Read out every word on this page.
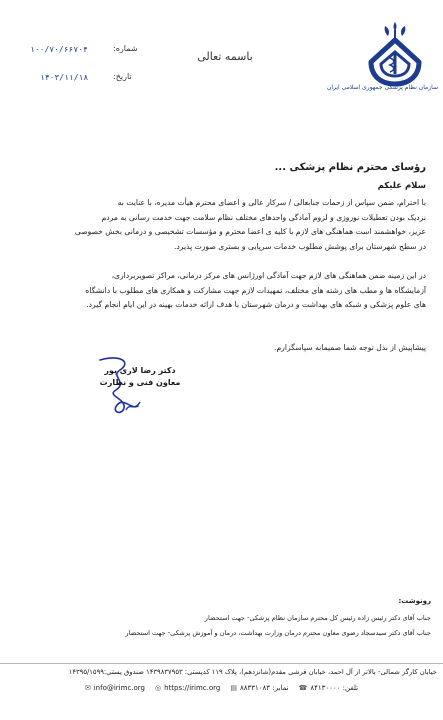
سازمان نظام پزشکی جمهوری اسلامی ایران
باسمه تعالی
شماره:
۱۰۰/۷۰/۶۶۷۰۴
تاریخ:
۱۴۰۳/۱۱/۱۸
رؤسای محترم نظام پزشکی ...
سلام علیکم
با احترام، ضمن سپاس از زحمات جنابعالی / سرکار عالی و اعضای محترم هیأت مدیره، با عنایت به
نزدیک بودن تعطیلات نوروزی و لزوم آمادگی واحدهای مختلف نظام سلامت جهت خدمت رسانی به مردم
عزیز، خواهشمند است هماهنگی های لازم با کلیه ی اعضا محترم و مؤسسات تشخیصی و درمانی بخش خصوصی
در سطح شهرستان برای پوشش مطلوب خدمات سرپایی و بستری صورت پذیرد.
در این زمینه ضمن هماهنگی های لازم جهت آمادگی اورژانس های مرکز درمانی، مراکز تصویربرداری،
آزمایشگاه ها و مطب های رشته های مختلف، تمهیدات لازم جهت مشارکت و همکاری های مطلوب با دانشگاه
های علوم پزشکی و شبکه های بهداشت و درمان شهرستان با هدف ارائه خدمات بهینه در این ایام انجام گیرد.
پیشاپیش از بذل توجه شما صمیمانه سپاسگزارم.
دکتر رضا لاری پور
معاون فنی و نظارت
رونوشت:
جناب آقای دکتر رئیس زاده رئیس کل محترم سازمان نظام پزشکی- جهت استحضار
جناب آقای دکتر سیدسجاد رضوی معاون محترم درمان وزارت بهداشت، درمان و آموزش پزشکی- جهت استحضار
خیابان کارگر شمالی- بالاتر از آل احمد، خیابان فرشی مقدم(شانزدهم)، پلاک ۱۱۹ کدپستی: ۱۴۳۹۸۳۷۹۵۳ صندوق پستی:۱۴۳۹۵/۱۵۹۹
✉ info@irimc.org ◎ https://irimc.org ▤ نمابر: ۸۸۳۳۱۰۸۳ ☎ تلفن: ۸۴۱۳۰۰۰۰
